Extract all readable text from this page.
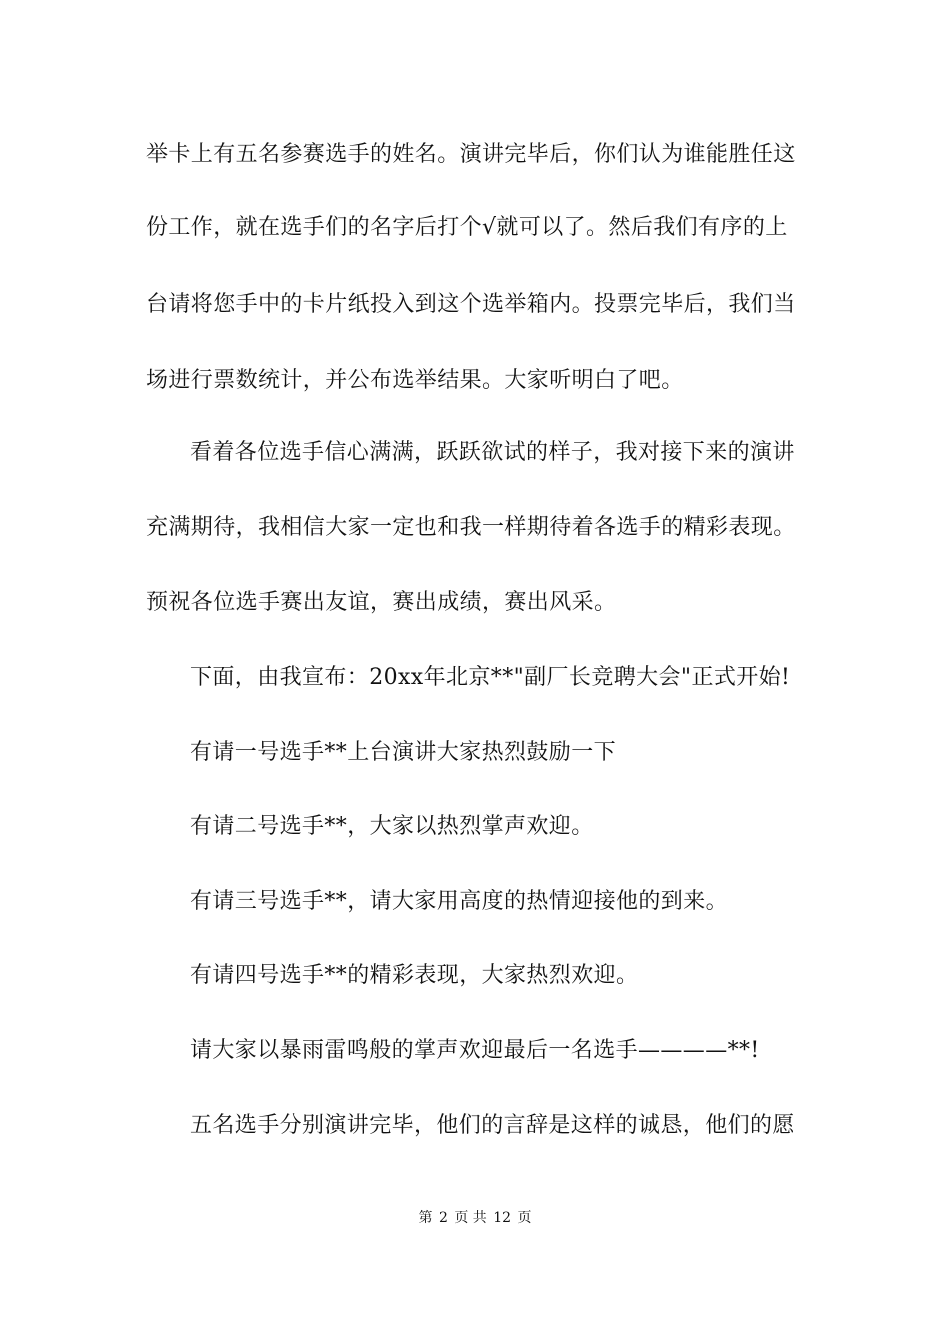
举卡上有五名参赛选手的姓名。演讲完毕后，你们认为谁能胜任这
份工作，就在选手们的名字后打个√就可以了。然后我们有序的上
台请将您手中的卡片纸投入到这个选举箱内。投票完毕后，我们当
场进行票数统计，并公布选举结果。大家听明白了吧。
看着各位选手信心满满，跃跃欲试的样子，我对接下来的演讲
充满期待，我相信大家一定也和我一样期待着各选手的精彩表现。
预祝各位选手赛出友谊，赛出成绩，赛出风采。
下面，由我宣布：20xx年北京**"副厂长竞聘大会"正式开始!
有请一号选手**上台演讲大家热烈鼓励一下
有请二号选手**，大家以热烈掌声欢迎。
有请三号选手**，请大家用高度的热情迎接他的到来。
有请四号选手**的精彩表现，大家热烈欢迎。
请大家以暴雨雷鸣般的掌声欢迎最后一名选手————**!
五名选手分别演讲完毕，他们的言辞是这样的诚恳，他们的愿
第 2 页 共 12 页
